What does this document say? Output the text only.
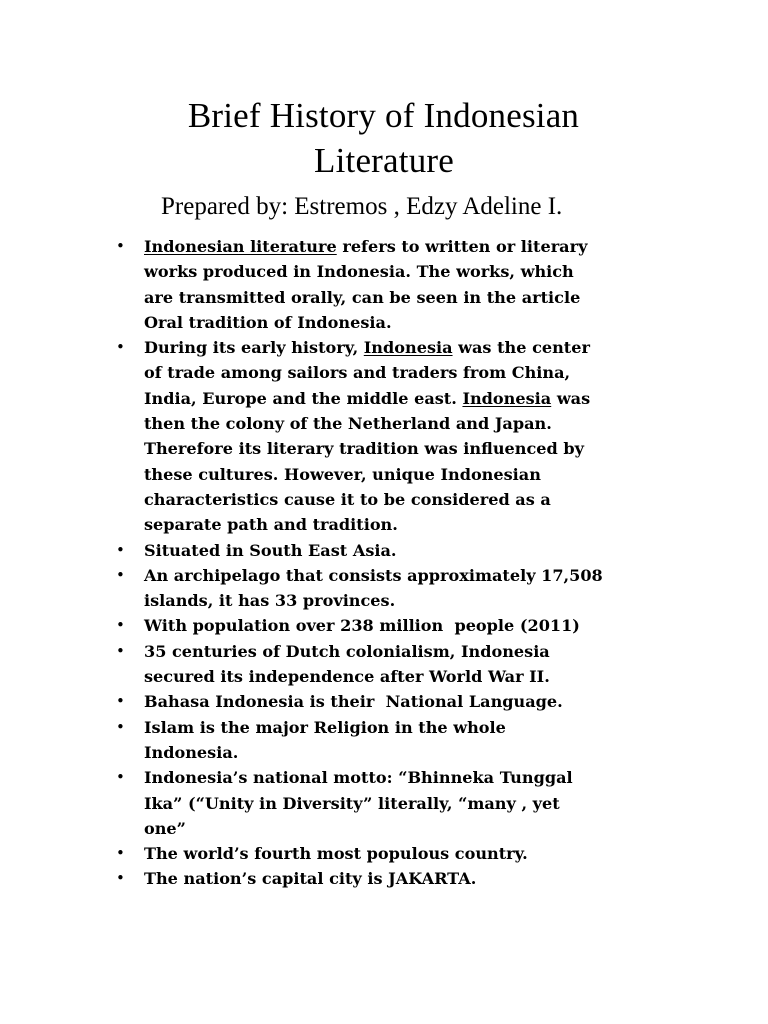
Brief History of Indonesian
Literature

Prepared by: Estremos , Edzy Adeline I.

• Indonesian literature refers to written or literary
works produced in Indonesia. The works, which
are transmitted orally, can be seen in the article
Oral tradition of Indonesia.
• During its early history, Indonesia was the center
of trade among sailors and traders from China,
India, Europe and the middle east. Indonesia was
then the colony of the Netherland and Japan.
Therefore its literary tradition was influenced by
these cultures. However, unique Indonesian
characteristics cause it to be considered as a
separate path and tradition.
• Situated in South East Asia.
• An archipelago that consists approximately 17,508
islands, it has 33 provinces.
• With population over 238 million  people (2011)
• 35 centuries of Dutch colonialism, Indonesia
secured its independence after World War II.
• Bahasa Indonesia is their  National Language.
• Islam is the major Religion in the whole
Indonesia.
• Indonesia’s national motto: “Bhinneka Tunggal
Ika” (“Unity in Diversity” literally, “many , yet
one”
• The world’s fourth most populous country.
• The nation’s capital city is JAKARTA.
